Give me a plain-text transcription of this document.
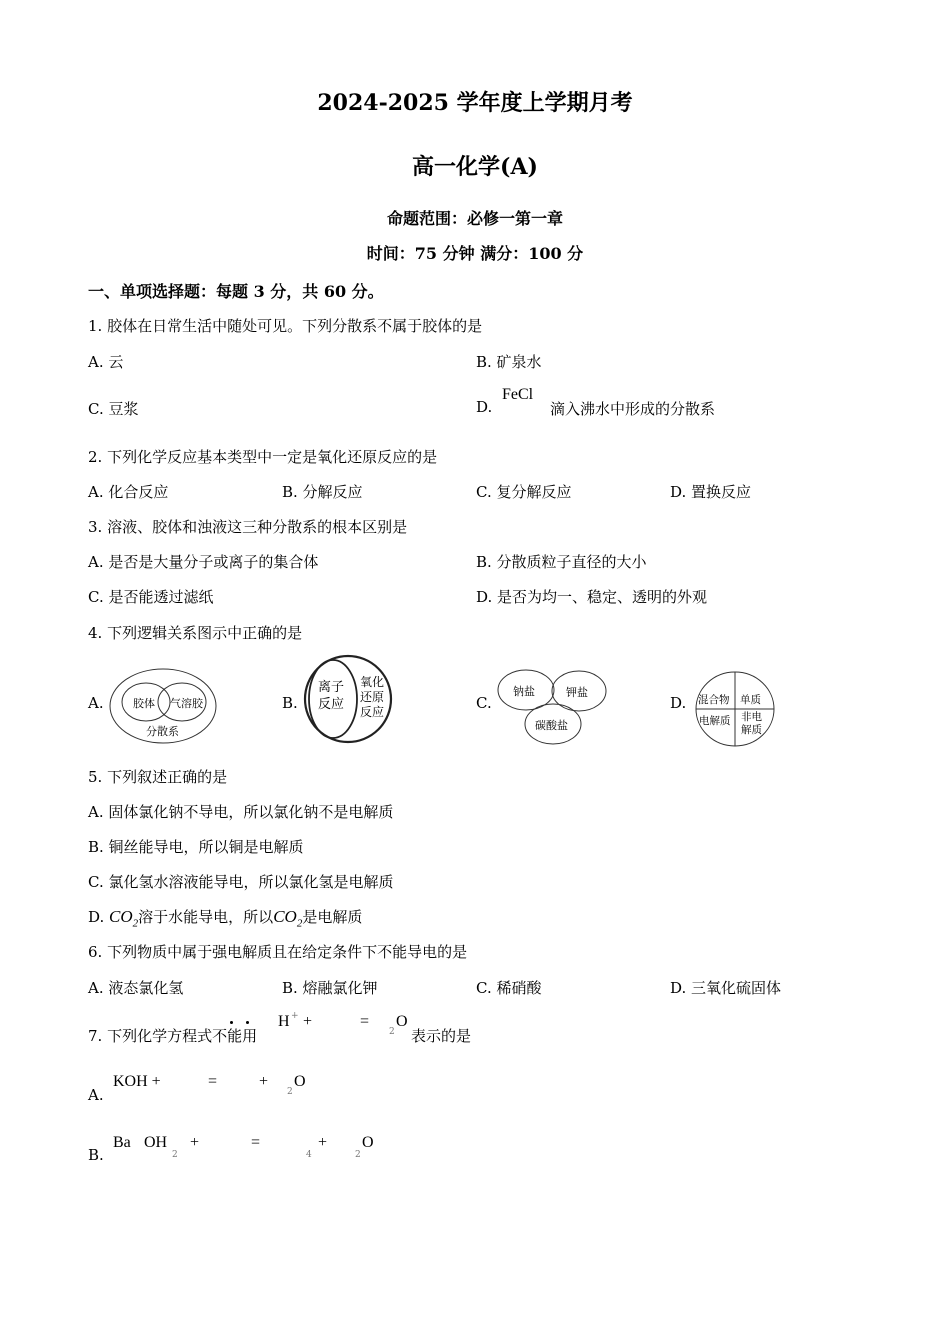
2024-2025 学年度上学期月考
高一化学(A)
命题范围：必修一第一章
时间：75 分钟 满分：100 分
一、单项选择题：每题 3 分，共 60 分。
1. 胶体在日常生活中随处可见。下列分散系不属于胶体的是
A. 云	B. 矿泉水
C. 豆浆	D.
FeCl
滴入沸水中形成的分散系
2. 下列化学反应基本类型中一定是氧化还原反应的是
A. 化合反应	B. 分解反应	C. 复分解反应	D. 置换反应
3. 溶液、胶体和浊液这三种分散系的根本区别是
A. 是否是大量分子或离子的集合体	B. 分散质粒子直径的大小
C. 是否能透过滤纸	D. 是否为均一、稳定、透明的外观
4. 下列逻辑关系图示中正确的是
A.	胶体 气溶胶
分散系
B.
离子
反应
氧化
还原
反应	C.
钠盐	钾盐
碳酸盐
D. 混合物 单质
电解质 非电
解质
5. 下列叙述正确的是
A. 固体氯化钠不导电，所以氯化钠不是电解质
B. 铜丝能导电，所以铜是电解质
C. 氯化氢水溶液能导电，所以氯化氢是电解质
D. $CO_2$溶于水能导电，所以$CO_2$是电解质
6. 下列物质中属于强电解质且在给定条件下不能导电的是
A. 液态氯化氢	B. 熔融氯化钾	C. 稀硝酸	D. 三氧化硫固体
7. 下列化学方程式不能用
H + +	=
2
O
表示的是
A.
KOH +	=	+
2
O
B.
Ba OH
2
+	=
4
+
2
O
